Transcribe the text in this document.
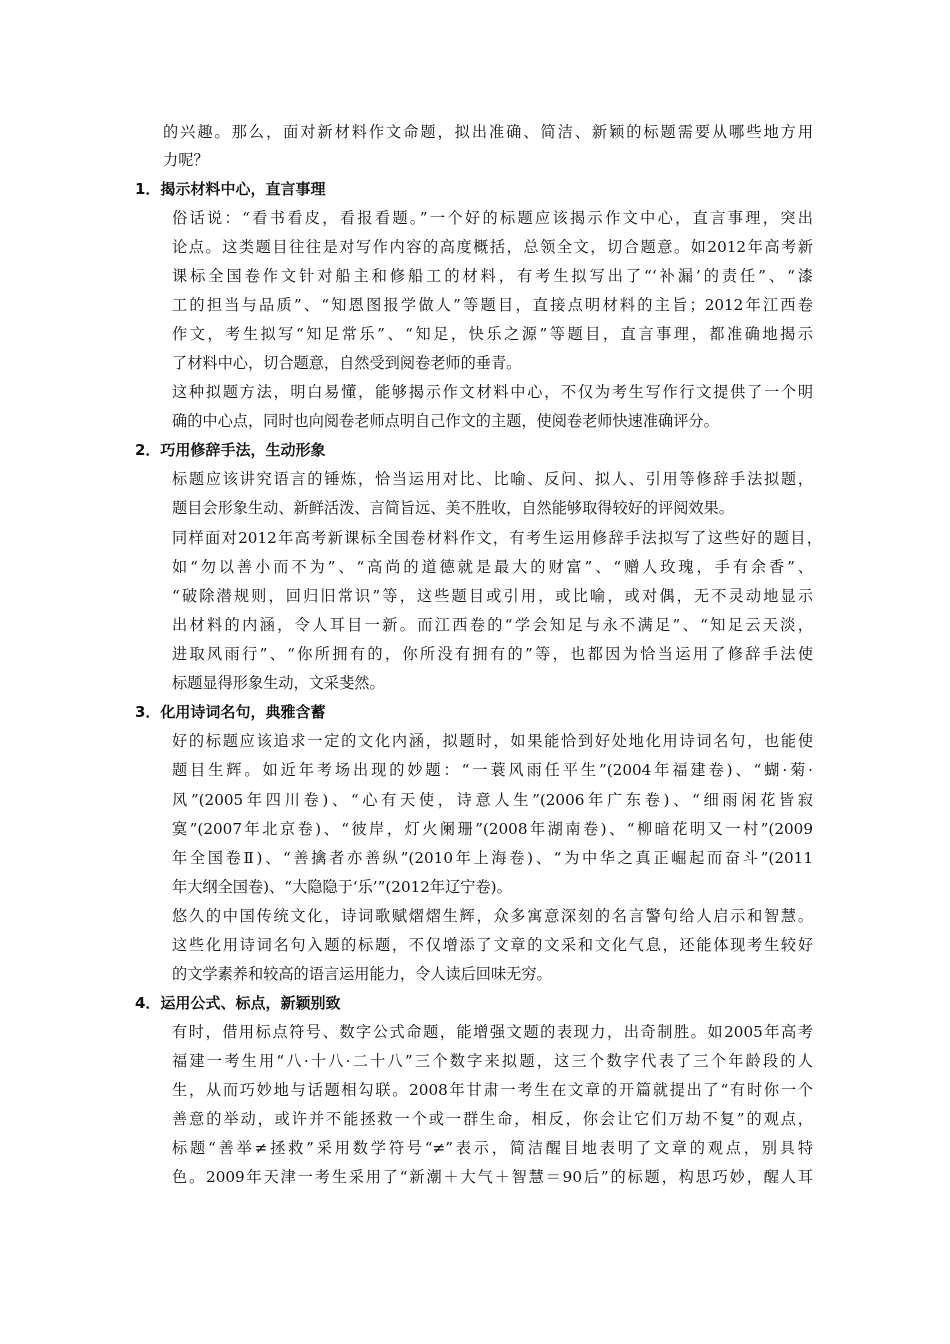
的兴趣。那么，面对新材料作文命题，拟出准确、简洁、新颖的标题需要从哪些地方用
力呢？
1．揭示材料中心，直言事理
俗话说：“看书看皮，看报看题。”一个好的标题应该揭示作文中心，直言事理，突出
论点。这类题目往往是对写作内容的高度概括，总领全文，切合题意。如2012年高考新
课标全国卷作文针对船主和修船工的材料，有考生拟写出了“‘补漏’的责任”、“漆
工的担当与品质”、“知恩图报学做人”等题目，直接点明材料的主旨；2012年江西卷
作文，考生拟写“知足常乐”、“知足，快乐之源”等题目，直言事理，都准确地揭示
了材料中心，切合题意，自然受到阅卷老师的垂青。
这种拟题方法，明白易懂，能够揭示作文材料中心，不仅为考生写作行文提供了一个明
确的中心点，同时也向阅卷老师点明自己作文的主题，使阅卷老师快速准确评分。
2．巧用修辞手法，生动形象
标题应该讲究语言的锤炼，恰当运用对比、比喻、反问、拟人、引用等修辞手法拟题，
题目会形象生动、新鲜活泼、言简旨远、美不胜收，自然能够取得较好的评阅效果。
同样面对2012年高考新课标全国卷材料作文，有考生运用修辞手法拟写了这些好的题目，
如“勿以善小而不为”、“高尚的道德就是最大的财富”、“赠人玫瑰，手有余香”、
“破除潜规则，回归旧常识”等，这些题目或引用，或比喻，或对偶，无不灵动地显示
出材料的内涵，令人耳目一新。而江西卷的“学会知足与永不满足”、“知足云天淡，
进取风雨行”、“你所拥有的，你所没有拥有的”等，也都因为恰当运用了修辞手法使
标题显得形象生动，文采斐然。
3．化用诗词名句，典雅含蓄
好的标题应该追求一定的文化内涵，拟题时，如果能恰到好处地化用诗词名句，也能使
题目生辉。如近年考场出现的妙题：“一蓑风雨任平生”(2004年福建卷)、“蝴·菊·
风”(2005年四川卷)、“心有天使，诗意人生”(2006年广东卷)、“细雨闲花皆寂
寞”(2007年北京卷)、“彼岸，灯火阑珊”(2008年湖南卷)、“柳暗花明又一村”(2009
年全国卷Ⅱ)、“善擒者亦善纵”(2010年上海卷)、“为中华之真正崛起而奋斗”(2011
年大纲全国卷)、“大隐隐于‘乐’”(2012年辽宁卷)。
悠久的中国传统文化，诗词歌赋熠熠生辉，众多寓意深刻的名言警句给人启示和智慧。
这些化用诗词名句入题的标题，不仅增添了文章的文采和文化气息，还能体现考生较好
的文学素养和较高的语言运用能力，令人读后回味无穷。
4．运用公式、标点，新颖别致
有时，借用标点符号、数字公式命题，能增强文题的表现力，出奇制胜。如2005年高考
福建一考生用“八·十八·二十八”三个数字来拟题，这三个数字代表了三个年龄段的人
生，从而巧妙地与话题相勾联。2008年甘肃一考生在文章的开篇就提出了“有时你一个
善意的举动，或许并不能拯救一个或一群生命，相反，你会让它们万劫不复”的观点，
标题“善举≠拯救”采用数学符号“≠”表示，简洁醒目地表明了文章的观点，别具特
色。2009年天津一考生采用了“新潮＋大气＋智慧＝90后”的标题，构思巧妙，醒人耳
